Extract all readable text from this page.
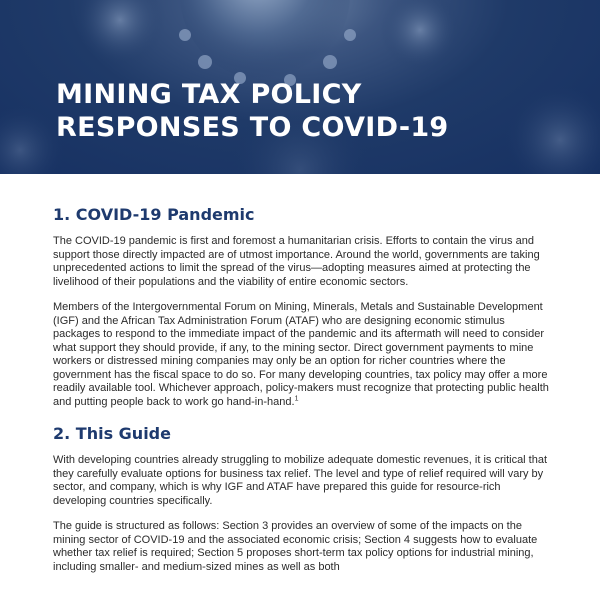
MINING TAX POLICY
RESPONSES TO COVID-19
1. COVID-19 Pandemic

The COVID-19 pandemic is first and foremost a humanitarian crisis. Efforts to contain the virus and support those directly impacted are of utmost importance. Around the world, governments are taking unprecedented actions to limit the spread of the virus—adopting measures aimed at protecting the livelihood of their populations and the viability of entire economic sectors.

Members of the Intergovernmental Forum on Mining, Minerals, Metals and Sustainable Development (IGF) and the African Tax Administration Forum (ATAF) who are designing economic stimulus packages to respond to the immediate impact of the pandemic and its aftermath will need to consider what support they should provide, if any, to the mining sector. Direct government payments to mine workers or distressed mining companies may only be an option for richer countries where the government has the fiscal space to do so. For many developing countries, tax policy may offer a more readily available tool. Whichever approach, policy-makers must recognize that protecting public health and putting people back to work go hand-in-hand.$^1$

2. This Guide

With developing countries already struggling to mobilize adequate domestic revenues, it is critical that they carefully evaluate options for business tax relief. The level and type of relief required will vary by sector, and company, which is why IGF and ATAF have prepared this guide for resource-rich developing countries specifically.

The guide is structured as follows: Section 3 provides an overview of some of the impacts on the mining sector of COVID-19 and the associated economic crisis; Section 4 suggests how to evaluate whether tax relief is required; Section 5 proposes short-term tax policy options for industrial mining, including smaller- and medium-sized mines as well as both
